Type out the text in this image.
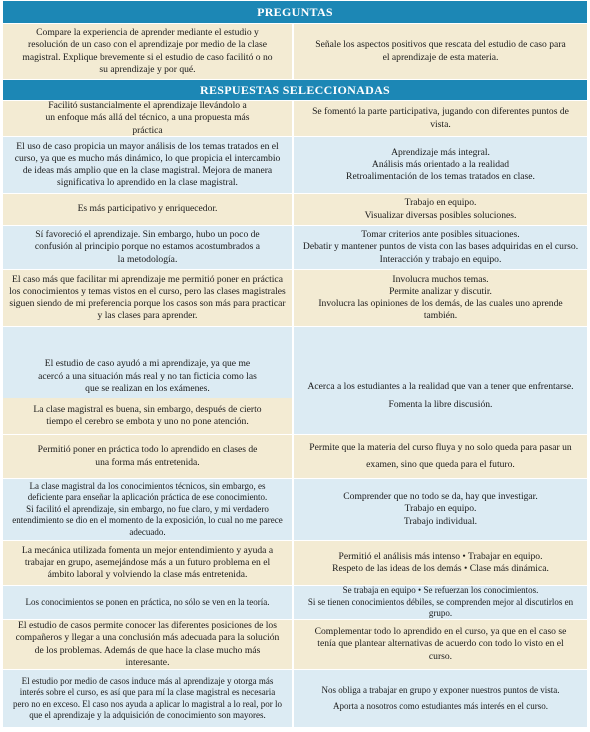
PREGUNTAS
Compare la experiencia de aprender mediante el estudio y resolución de un caso con el aprendizaje por medio de la clase magistral. Explique brevemente si el estudio de caso facilitó o no su aprendizaje y por qué.
Señale los aspectos positivos que rescata del estudio de caso para el aprendizaje de esta materia.
RESPUESTAS SELECCIONADAS
Facilitó sustancialmente el aprendizaje llevándolo a un enfoque más allá del técnico, a una propuesta más práctica
Se fomentó la parte participativa, jugando con diferentes puntos de vista.
El uso de caso propicia un mayor análisis de los temas tratados en el curso, ya que es mucho más dinámico, lo que propicia el intercambio de ideas más amplio que en la clase magistral. Mejora de manera significativa lo aprendido en la clase magistral.
Aprendizaje más integral.
Análisis más orientado a la realidad
Retroalimentación de los temas tratados en clase.
Es más participativo y enriquecedor.
Trabajo en equipo.
Visualizar diversas posibles soluciones.
Sí favoreció el aprendizaje. Sin embargo, hubo un poco de confusión al principio porque no estamos acostumbrados a la metodología.
Tomar criterios ante posibles situaciones.
Debatir y mantener puntos de vista con las bases adquiridas en el curso.
Interacción y trabajo en equipo.
El caso más que facilitar mi aprendizaje me permitió poner en práctica los conocimientos y temas vistos en el curso, pero las clases magistrales siguen siendo de mi preferencia porque los casos son más para practicar y las clases para aprender.
Involucra muchos temas.
Permite analizar y discutir.
Involucra las opiniones de los demás, de las cuales uno aprende también.
El estudio de caso ayudó a mi aprendizaje, ya que me acercó a una situación más real y no tan ficticia como las que se realizan en los exámenes.	Acerca a los estudiantes a la realidad que van a tener que enfrentarse.
La clase magistral es buena, sin embargo, después de cierto tiempo el cerebro se embota y uno no pone atención.
Fomenta la libre discusión.
Permitió poner en práctica todo lo aprendido en clases de una forma más entretenida.
Permite que la materia del curso fluya y no solo queda para pasar un
examen, sino que queda para el futuro.
La clase magistral da los conocimientos técnicos, sin embargo, es deficiente para enseñar la aplicación práctica de ese conocimiento.
Si facilitó el aprendizaje, sin embargo, no fue claro, y mi verdadero entendimiento se dio en el momento de la exposición, lo cual no me parece adecuado.
Comprender que no todo se da, hay que investigar.
Trabajo en equipo.
Trabajo individual.
La mecánica utilizada fomenta un mejor entendimiento y ayuda a trabajar en grupo, asemejándose más a un futuro problema en el ámbito laboral y volviendo la clase más entretenida.
Permitió el análisis más intenso • Trabajar en equipo.
Respeto de las ideas de los demás • Clase más dinámica.
Los conocimientos se ponen en práctica, no sólo se ven en la teoría.
Se trabaja en equipo • Se refuerzan los conocimientos.
Si se tienen conocimientos débiles, se comprenden mejor al discutirlos en grupo.
El estudio de casos permite conocer las diferentes posiciones de los compañeros y llegar a una conclusión más adecuada para la solución de los problemas. Además de que hace la clase mucho más interesante.
Complementar todo lo aprendido en el curso, ya que en el caso se tenía que plantear alternativas de acuerdo con todo lo visto en el curso.
El estudio por medio de casos induce más al aprendizaje y otorga más interés sobre el curso, es así que para mí la clase magistral es necesaria pero no en exceso. El caso nos ayuda a aplicar lo magistral a lo real, por lo que el aprendizaje y la adquisición de conocimiento son mayores.
Nos obliga a trabajar en grupo y exponer nuestros puntos de vista.
Aporta a nosotros como estudiantes más interés en el curso.
